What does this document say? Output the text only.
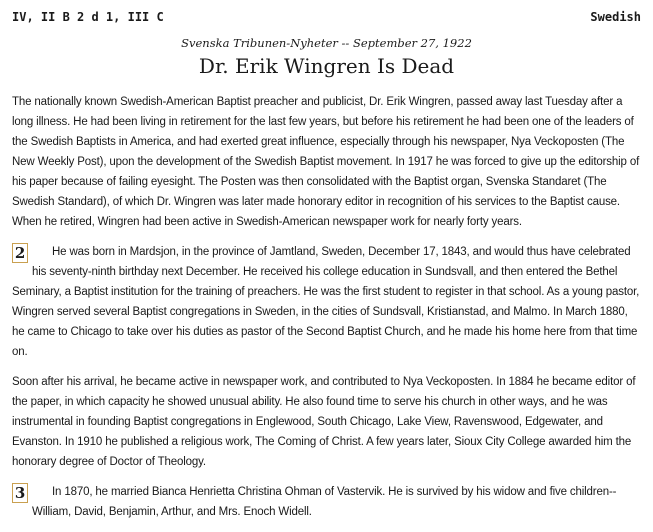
IV, II B 2 d 1, III C	Swedish
Svenska Tribunen-Nyheter -- September 27, 1922
Dr. Erik Wingren Is Dead

The nationally known Swedish-American Baptist preacher and publicist, Dr. Erik Wingren, passed away last Tuesday after a long illness. He had been living in retirement for the last few years, but before his retirement he had been one of the leaders of the Swedish Baptists in America, and had exerted great influence, especially through his newspaper, Nya Veckoposten (The New Weekly Post), upon the development of the Swedish Baptist movement. In 1917 he was forced to give up the editorship of his paper because of failing eyesight. The Posten was then consolidated with the Baptist organ, Svenska Standaret (The Swedish Standard), of which Dr. Wingren was later made honorary editor in recognition of his services to the Baptist cause. When he retired, Wingren had been active in Swedish-American newspaper work for nearly forty years.

2 He was born in Mardsjon, in the province of Jamtland, Sweden, December 17, 1843, and would thus have celebrated his seventy-ninth birthday next December. He received his college education in Sundsvall, and then entered the Bethel Seminary, a Baptist institution for the training of preachers. He was the first student to register in that school. As a young pastor, Wingren served several Baptist congregations in Sweden, in the cities of Sundsvall, Kristianstad, and Malmo. In March 1880, he came to Chicago to take over his duties as pastor of the Second Baptist Church, and he made his home here from that time on.

Soon after his arrival, he became active in newspaper work, and contributed to Nya Veckoposten. In 1884 he became editor of the paper, in which capacity he showed unusual ability. He also found time to serve his church in other ways, and he was instrumental in founding Baptist congregations in Englewood, South Chicago, Lake View, Ravenswood, Edgewater, and Evanston. In 1910 he published a religious work, The Coming of Christ. A few years later, Sioux City College awarded him the honorary degree of Doctor of Theology.

3 In 1870, he married Bianca Henrietta Christina Ohman of Vastervik. He is survived by his widow and five children--William, David, Benjamin, Arthur, and Mrs. Enoch Widell.
